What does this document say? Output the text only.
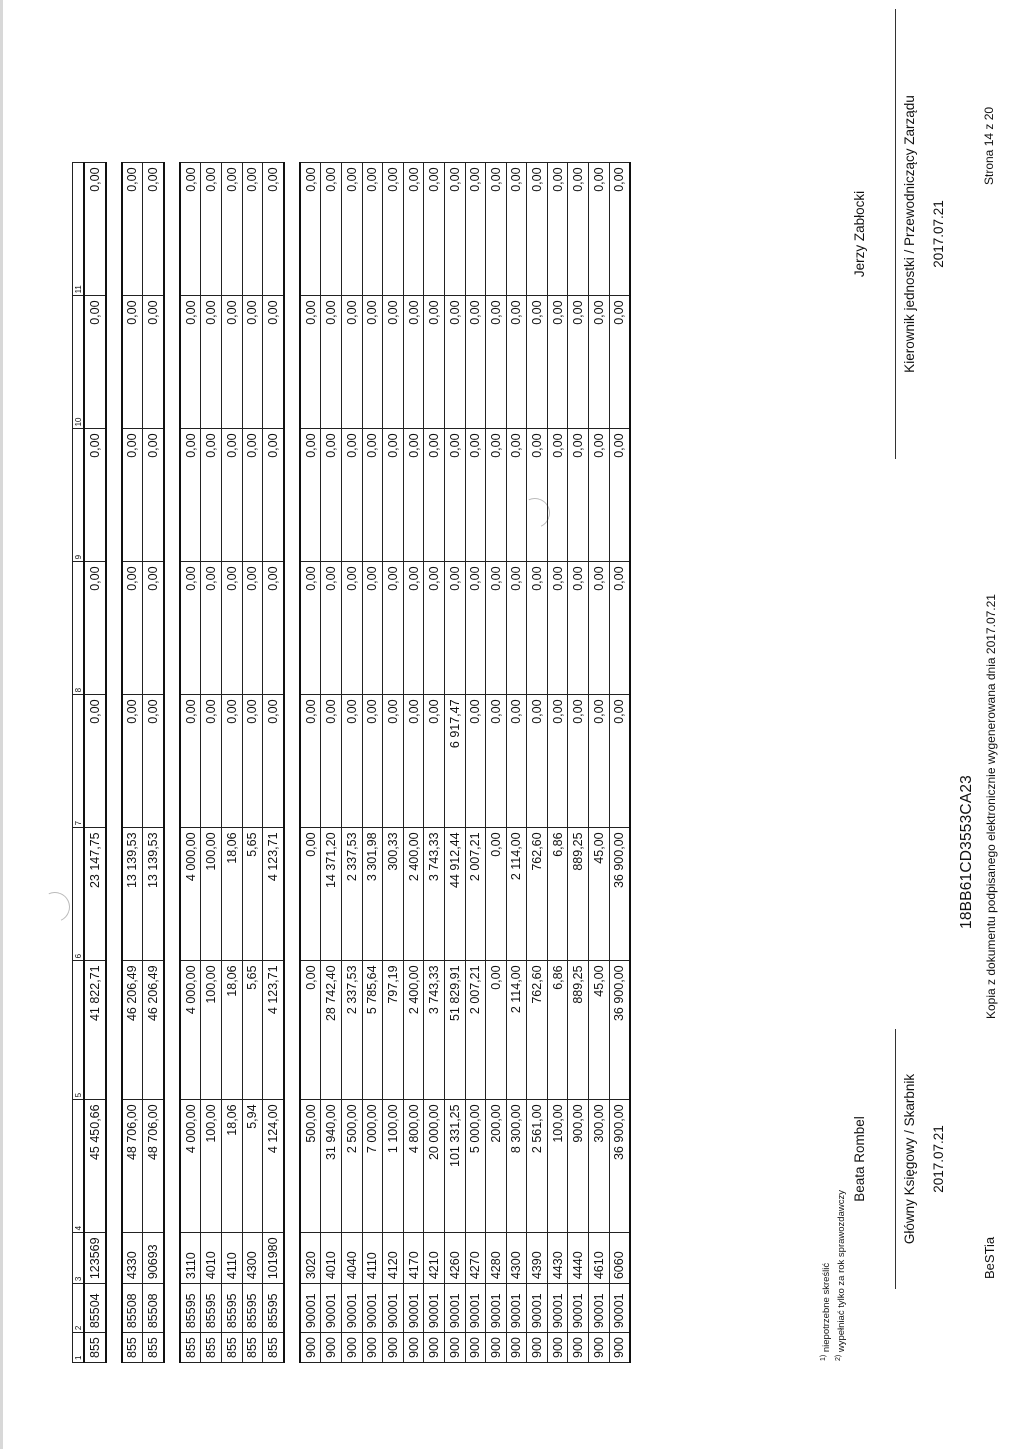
1	2	3	4	5	6	7	8	9	10	11
855	85504	123569	45 450,66	41 822,71	23 147,75	0,00	0,00	0,00	0,00	0,00

855	85508	4330	48 706,00	46 206,49	13 139,53	0,00	0,00	0,00	0,00	0,00
855	85508	90693	48 706,00	46 206,49	13 139,53	0,00	0,00	0,00	0,00	0,00

855	85595	3110	4 000,00	4 000,00	4 000,00	0,00	0,00	0,00	0,00	0,00
855	85595	4010	100,00	100,00	100,00	0,00	0,00	0,00	0,00	0,00
855	85595	4110	18,06	18,06	18,06	0,00	0,00	0,00	0,00	0,00
855	85595	4300	5,94	5,65	5,65	0,00	0,00	0,00	0,00	0,00
855	85595	101980	4 124,00	4 123,71	4 123,71	0,00	0,00	0,00	0,00	0,00

900	90001	3020	500,00	0,00	0,00	0,00	0,00	0,00	0,00	0,00
900	90001	4010	31 940,00	28 742,40	14 371,20	0,00	0,00	0,00	0,00	0,00
900	90001	4040	2 500,00	2 337,53	2 337,53	0,00	0,00	0,00	0,00	0,00
900	90001	4110	7 000,00	5 785,64	3 301,98	0,00	0,00	0,00	0,00	0,00
900	90001	4120	1 100,00	797,19	300,33	0,00	0,00	0,00	0,00	0,00
900	90001	4170	4 800,00	2 400,00	2 400,00	0,00	0,00	0,00	0,00	0,00
900	90001	4210	20 000,00	3 743,33	3 743,33	0,00	0,00	0,00	0,00	0,00
900	90001	4260	101 331,25	51 829,91	44 912,44	6 917,47	0,00	0,00	0,00	0,00
900	90001	4270	5 000,00	2 007,21	2 007,21	0,00	0,00	0,00	0,00	0,00
900	90001	4280	200,00	0,00	0,00	0,00	0,00	0,00	0,00	0,00
900	90001	4300	8 300,00	2 114,00	2 114,00	0,00	0,00	0,00	0,00	0,00
900	90001	4390	2 561,00	762,60	762,60	0,00	0,00	0,00	0,00	0,00
900	90001	4430	100,00	6,86	6,86	0,00	0,00	0,00	0,00	0,00
900	90001	4440	900,00	889,25	889,25	0,00	0,00	0,00	0,00	0,00
900	90001	4610	300,00	45,00	45,00	0,00	0,00	0,00	0,00	0,00
900	90001	6060	36 900,00	36 900,00	36 900,00	0,00	0,00	0,00	0,00	0,00
$^{1)}$ niepotrzebne skreślić
$^{2)}$ wypełniać tylko za rok sprawozdawczy
Beata Rombel	Główny Księgowy / Skarbnik 2017.07.21
Jerzy Zabłocki	Kierownik jednostki / Przewodniczący Zarządu 2017.07.21
BeSTia
18BB61CD3553CA23 Kopia z dokumentu podpisanego elektronicznie wygenerowana dnia 2017.07.21
Strona 14 z 20
